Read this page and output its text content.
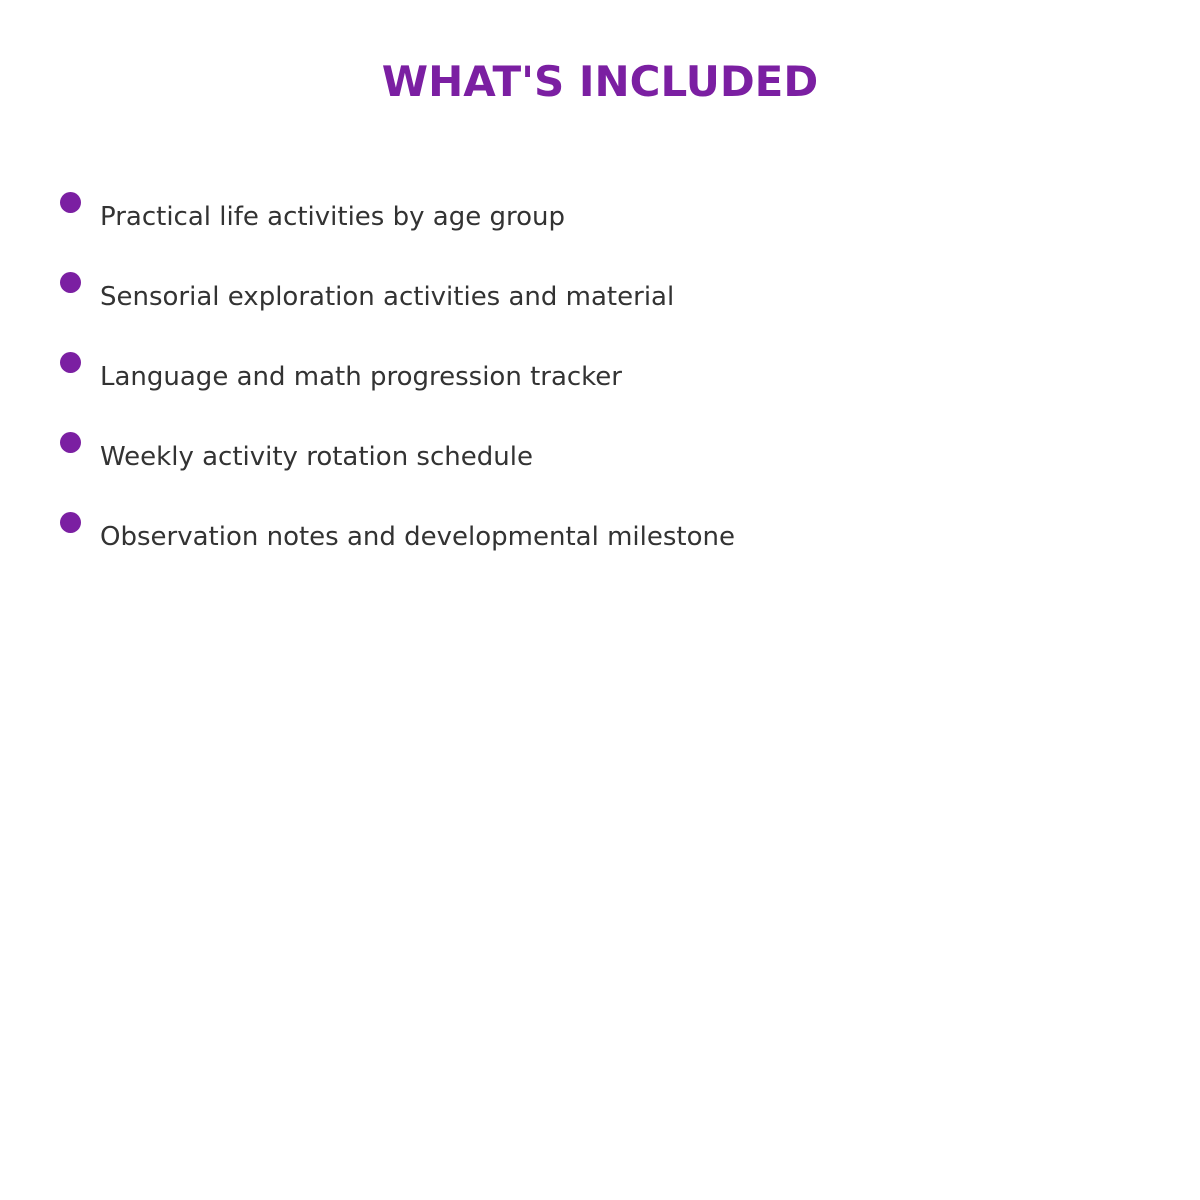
WHAT'S INCLUDED
Practical life activities by age group
Sensorial exploration activities and material
Language and math progression tracker
Weekly activity rotation schedule
Observation notes and developmental milestone
